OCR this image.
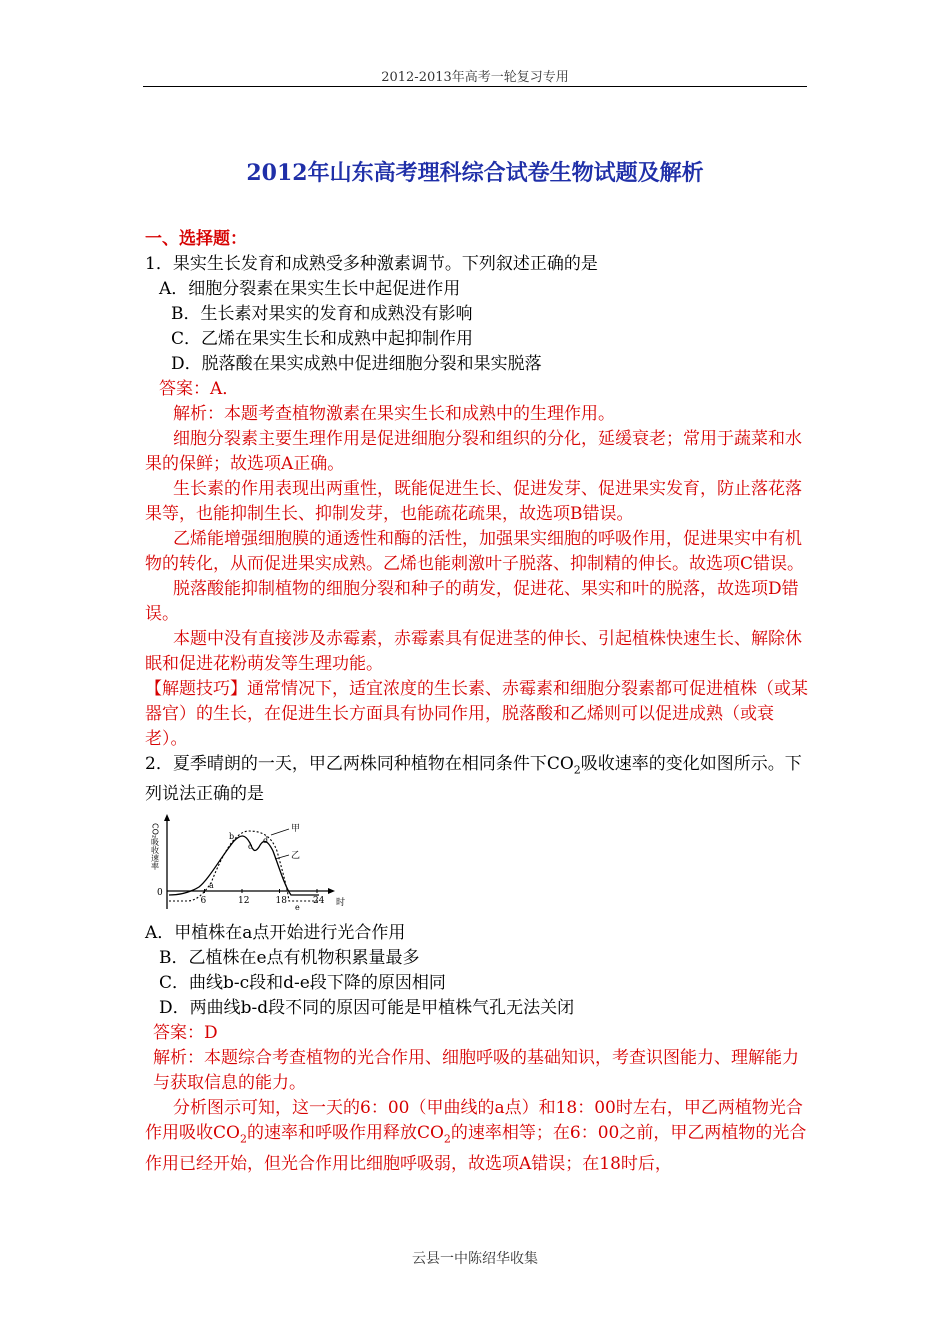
2012-2013年高考一轮复习专用
2012年山东高考理科综合试卷生物试题及解析

一、选择题：

1．果实生长发育和成熟受多种激素调节。下列叙述正确的是

A．细胞分裂素在果实生长中起促进作用

B．生长素对果实的发育和成熟没有影响

C．乙烯在果实生长和成熟中起抑制作用

D．脱落酸在果实成熟中促进细胞分裂和果实脱落

答案：A．

解析：本题考查植物激素在果实生长和成熟中的生理作用。

细胞分裂素主要生理作用是促进细胞分裂和组织的分化，延缓衰老；常用于蔬菜和水果的保鲜；故选项A正确。

生长素的作用表现出两重性，既能促进生长、促进发芽、促进果实发育，防止落花落果等，也能抑制生长、抑制发芽，也能疏花疏果，故选项B错误。

乙烯能增强细胞膜的通透性和酶的活性，加强果实细胞的呼吸作用，促进果实中有机物的转化，从而促进果实成熟。乙烯也能刺激叶子脱落、抑制精的伸长。故选项C错误。

脱落酸能抑制植物的细胞分裂和种子的萌发，促进花、果实和叶的脱落，故选项D错误。

本题中没有直接涉及赤霉素，赤霉素具有促进茎的伸长、引起植株快速生长、解除休眠和促进花粉萌发等生理功能。

【解题技巧】通常情况下，适宜浓度的生长素、赤霉素和细胞分裂素都可促进植株（或某器官）的生长，在促进生长方面具有协同作用，脱落酸和乙烯则可以促进成熟（或衰老）。

2．夏季晴朗的一天，甲乙两株同种植物在相同条件下$CO_2$吸收速率的变化如图所示。下列说法正确的是

CO₂吸收速率
0
6	12	18	24 时
甲
乙
a
b
c
d
e

A．甲植株在a点开始进行光合作用

B．乙植株在e点有机物积累量最多

C．曲线b-c段和d-e段下降的原因相同

D．两曲线b-d段不同的原因可能是甲植株气孔无法关闭

答案：D

解析：本题综合考查植物的光合作用、细胞呼吸的基础知识，考查识图能力、理解能力与获取信息的能力。

分析图示可知，这一天的6：00（甲曲线的a点）和18：00时左右，甲乙两植物光合作用吸收$CO_2$的速率和呼吸作用释放$CO_2$的速率相等；在6：00之前，甲乙两植物的光合作用已经开始，但光合作用比细胞呼吸弱，故选项A错误；在18时后，

云县一中陈绍华收集
